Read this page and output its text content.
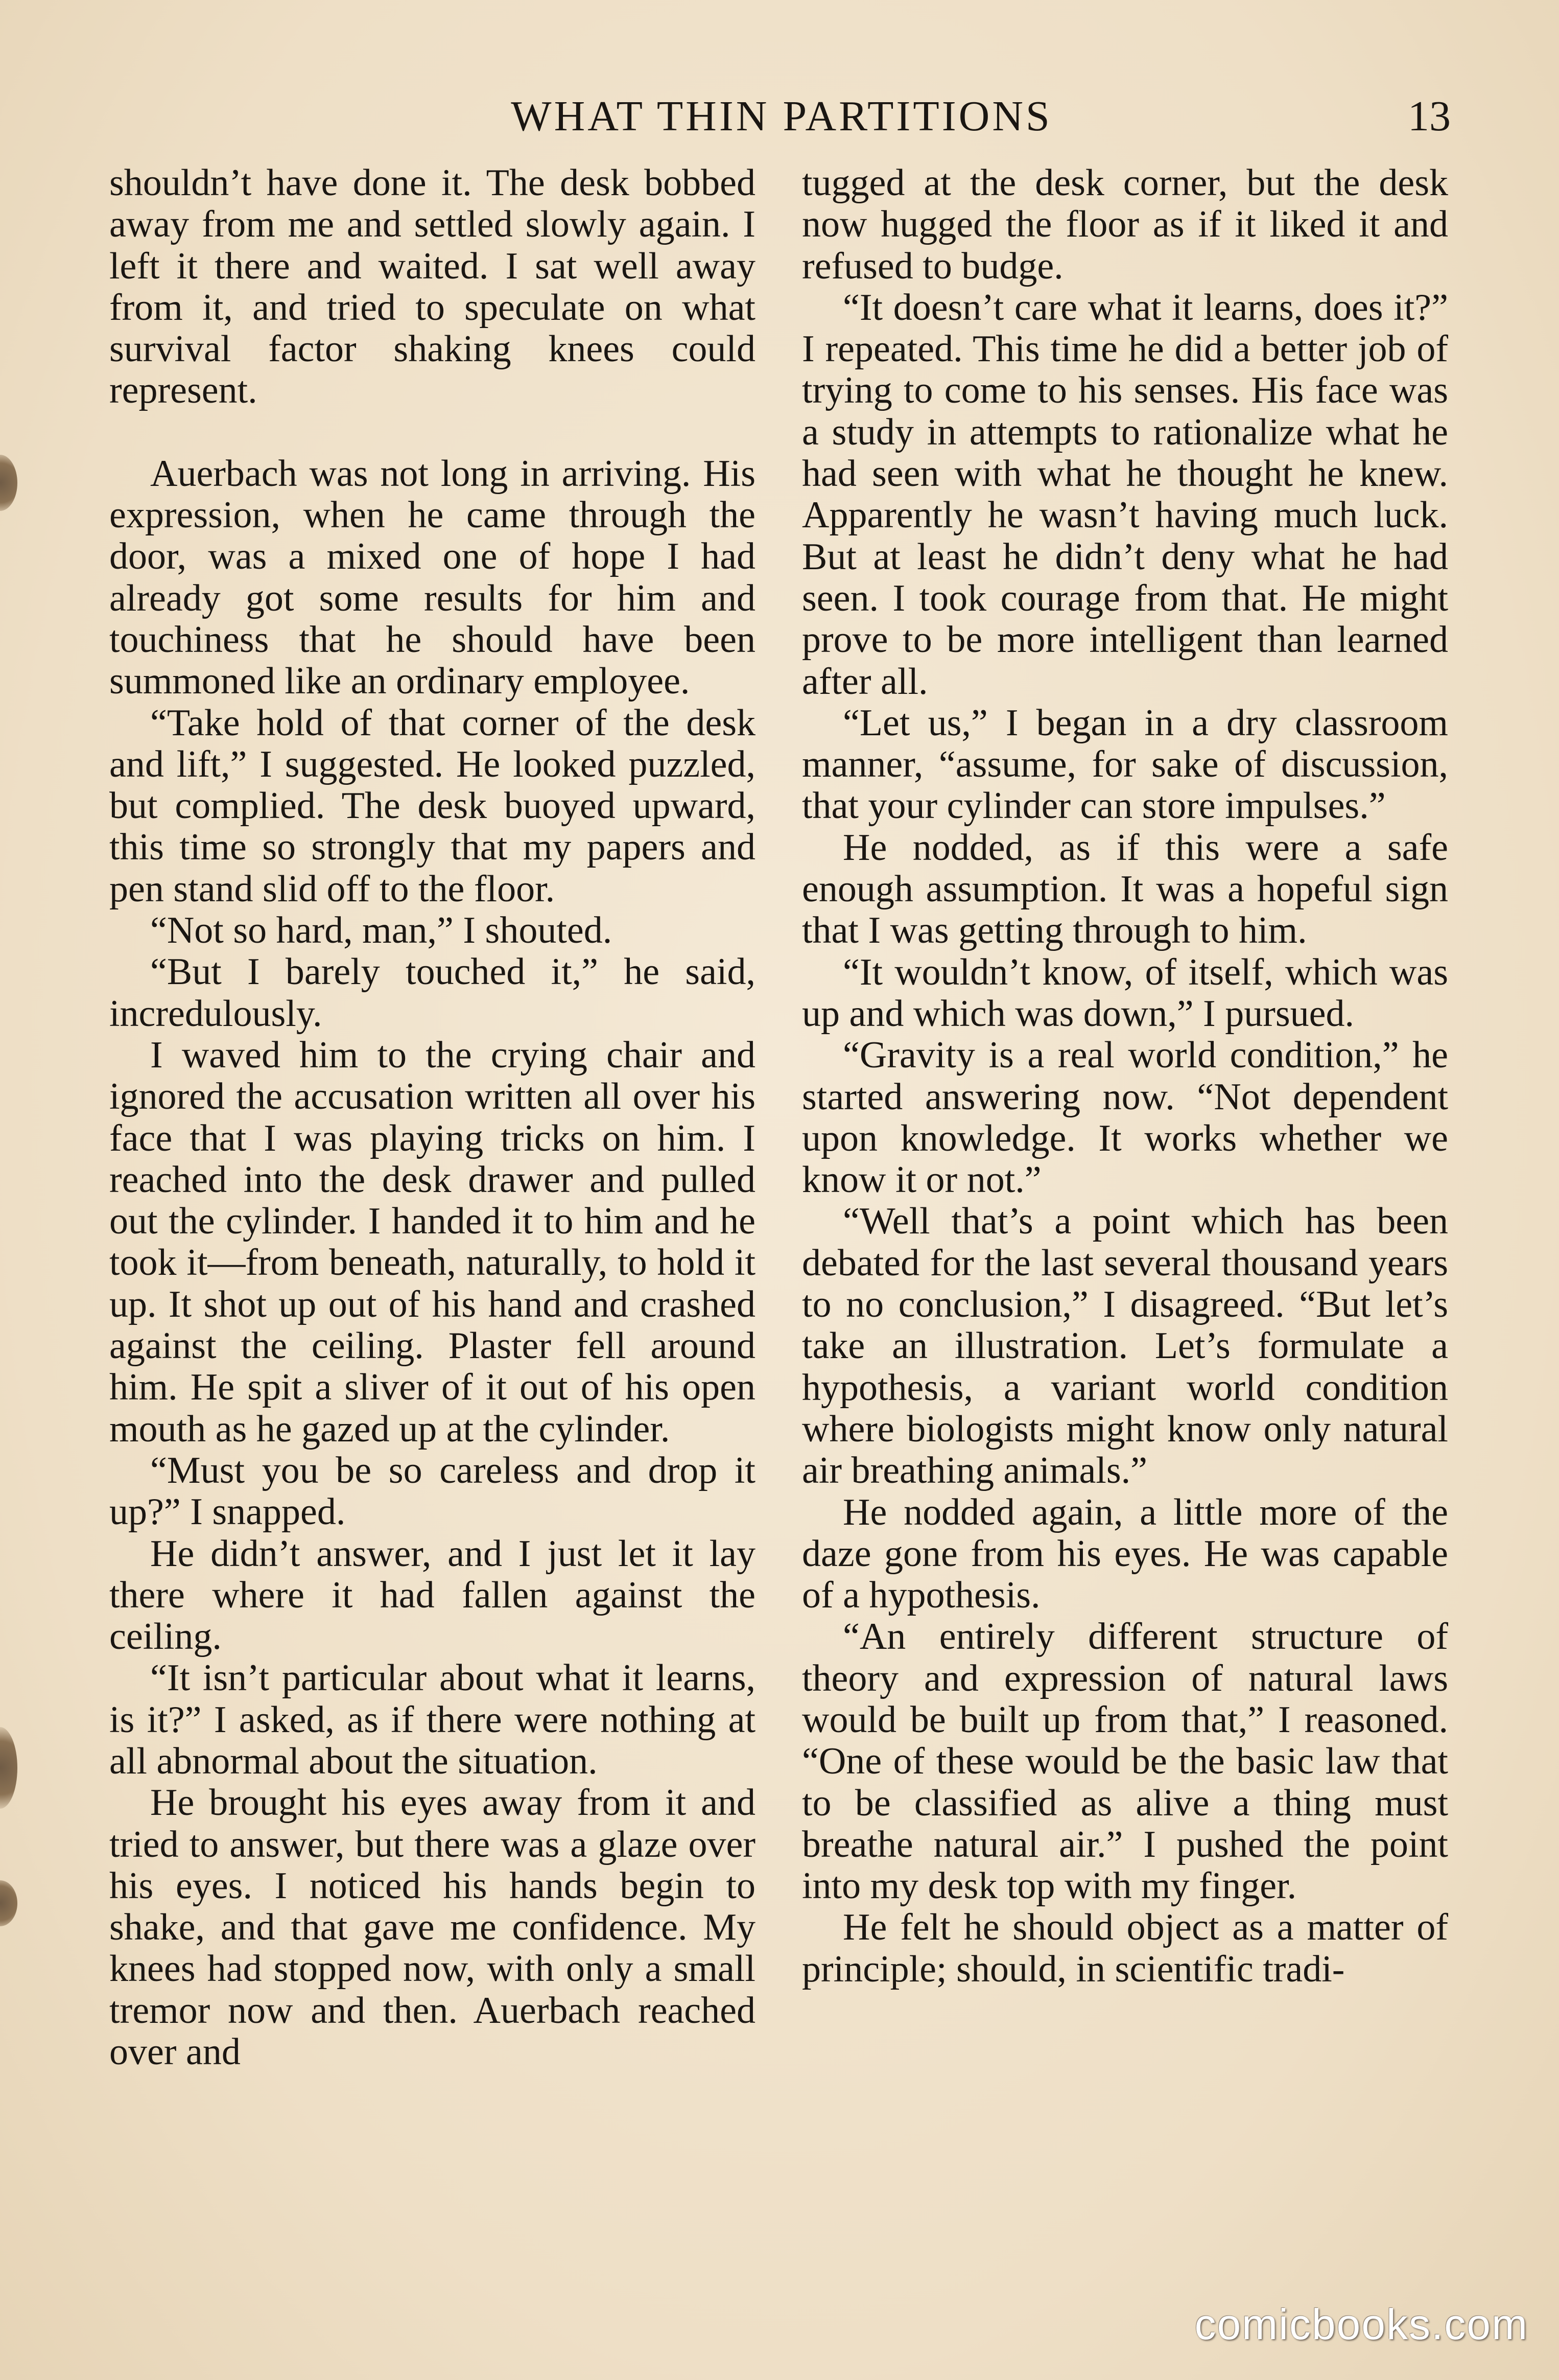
WHAT THIN PARTITIONS	13

shouldn’t have done it. The desk bobbed away from me and settled slowly again. I left it there and waited. I sat well away from it, and tried to speculate on what survival factor shaking knees could represent.

Auerbach was not long in arriving. His expression, when he came through the door, was a mixed one of hope I had already got some results for him and touchiness that he should have been summoned like an ordinary employee.

“Take hold of that corner of the desk and lift,” I suggested. He looked puzzled, but complied. The desk buoyed upward, this time so strongly that my papers and pen stand slid off to the floor.

“Not so hard, man,” I shouted.

“But I barely touched it,” he said, incredulously.

I waved him to the crying chair and ignored the accusation written all over his face that I was playing tricks on him. I reached into the desk drawer and pulled out the cylinder. I handed it to him and he took it—from beneath, naturally, to hold it up. It shot up out of his hand and crashed against the ceiling. Plaster fell around him. He spit a sliver of it out of his open mouth as he gazed up at the cylinder.

“Must you be so careless and drop it up?” I snapped.

He didn’t answer, and I just let it lay there where it had fallen against the ceiling.

“It isn’t particular about what it learns, is it?” I asked, as if there were nothing at all abnormal about the situation.

He brought his eyes away from it and tried to answer, but there was a glaze over his eyes. I noticed his hands begin to shake, and that gave me confidence. My knees had stopped now, with only a small tremor now and then. Auerbach reached over and

tugged at the desk corner, but the desk now hugged the floor as if it liked it and refused to budge.

“It doesn’t care what it learns, does it?” I repeated. This time he did a better job of trying to come to his senses. His face was a study in attempts to rationalize what he had seen with what he thought he knew. Apparently he wasn’t having much luck. But at least he didn’t deny what he had seen. I took courage from that. He might prove to be more intelligent than learned after all.

“Let us,” I began in a dry classroom manner, “assume, for sake of discussion, that your cylinder can store impulses.”

He nodded, as if this were a safe enough assumption. It was a hopeful sign that I was getting through to him.

“It wouldn’t know, of itself, which was up and which was down,” I pursued.

“Gravity is a real world condition,” he started answering now. “Not dependent upon knowledge. It works whether we know it or not.”

“Well that’s a point which has been debated for the last several thousand years to no conclusion,” I disagreed. “But let’s take an illustration. Let’s formulate a hypothesis, a variant world condition where biologists might know only natural air breathing animals.”

He nodded again, a little more of the daze gone from his eyes. He was capable of a hypothesis.

“An entirely different structure of theory and expression of natural laws would be built up from that,” I reasoned. “One of these would be the basic law that to be classified as alive a thing must breathe natural air.” I pushed the point into my desk top with my finger.

He felt he should object as a matter of principle; should, in scientific tradi-

comicbooks.com
